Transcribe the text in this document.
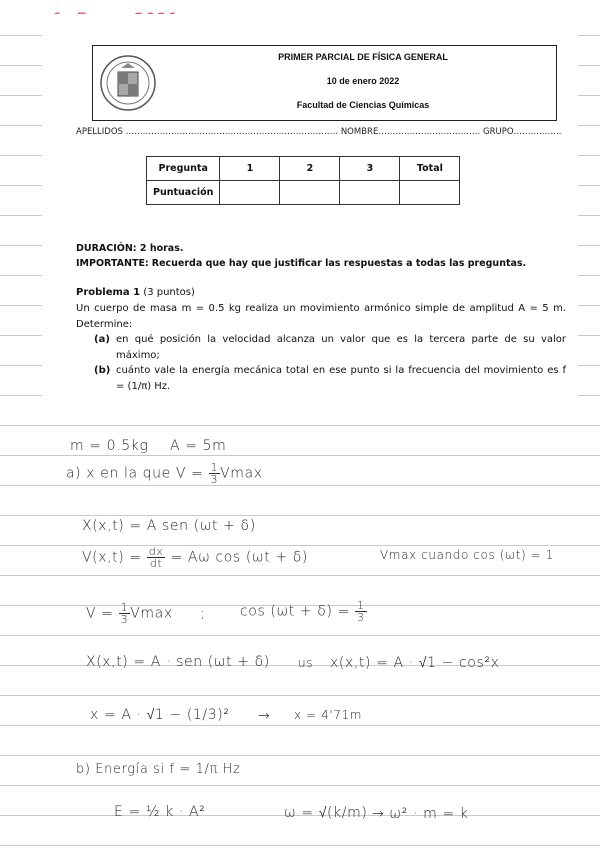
PRIMER PARCIAL DE FÍSICA GENERAL
10 de enero 2022
Facultad de Ciencias Químicas
APELLIDOS ………………………………………………………………… NOMBRE……………………………… GRUPO……………..
Pregunta	1	2	3	Total
Puntuación				
DURACIÓN: 2 horas.
IMPORTANTE: Recuerda que hay que justificar las respuestas a todas las preguntas.
Problema 1 (3 puntos)
Un cuerpo de masa m = 0.5 kg realiza un movimiento armónico simple de amplitud A = 5 m. Determine:
(a) en qué posición la velocidad alcanza un valor que es la tercera parte de su valor máximo;
(b) cuánto vale la energía mecánica total en ese punto si la frecuencia del movimiento es f = (1/π) Hz.
m = 0.5kg A = 5m
a) x en la que $V = \frac{1}{3}$ Vmax
X(x,t) = A sen (ωt + δ)
$V(x,t) = \frac{dx}{dt} = A\omega$ cos (ωt + δ)	Vmax cuando cos (ωt) = 1
$V = \frac{1}{3}$ Vmax ; $\cos (\omega t + \delta) = \frac{1}{3}$
X(x,t) = A · sen (ωt + δ) us x(x,t) = A · √1 − cos²x
x = A · √1 − (1/3)² → x = 4'71m
b) Energía si f = 1/π Hz
E = ½ k · A²	ω = √(k/m) → ω² · m = k
